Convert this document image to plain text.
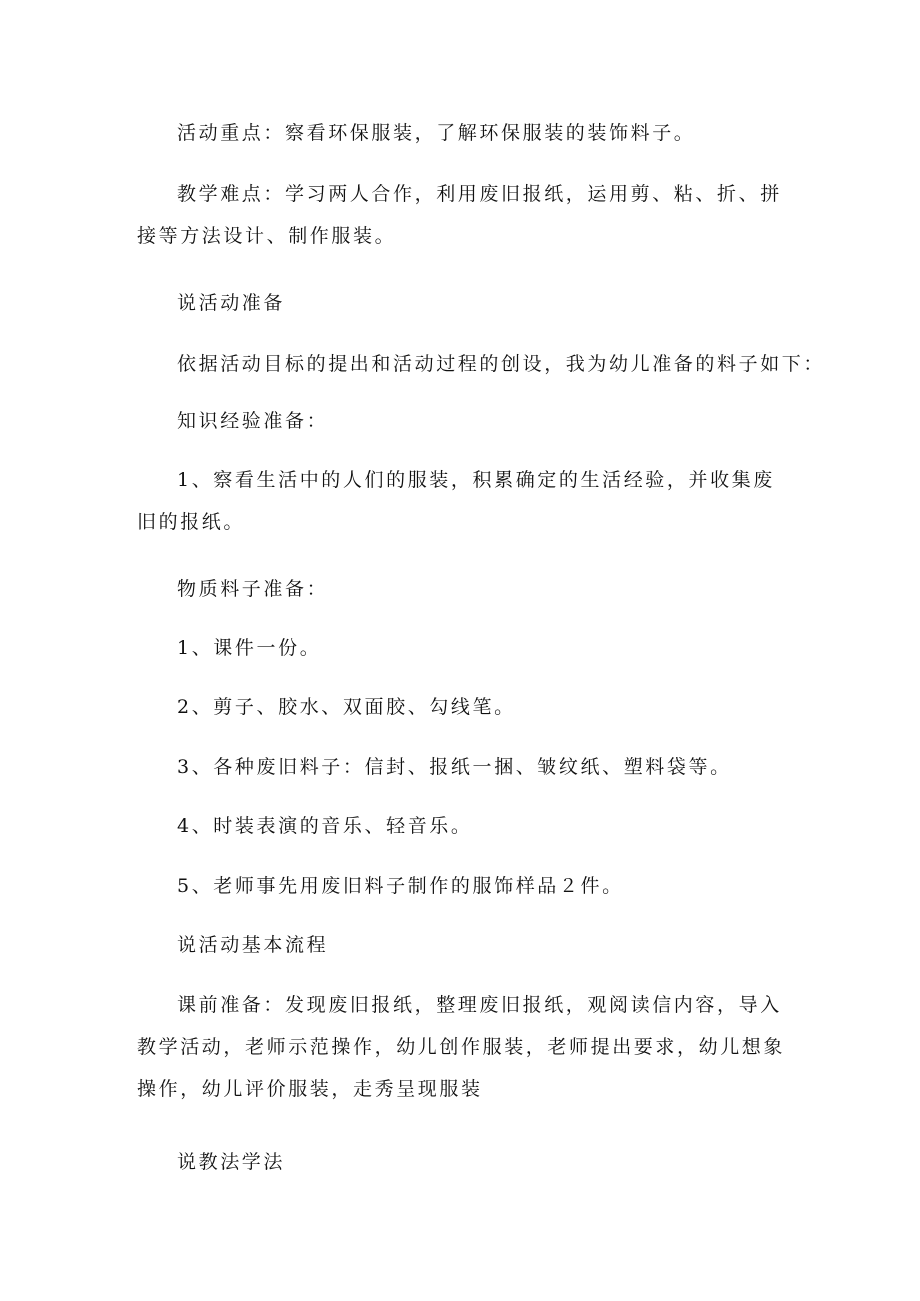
活动重点：察看环保服装，了解环保服装的装饰料子。
教学难点：学习两人合作，利用废旧报纸，运用剪、粘、折、拼接等方法设计、制作服装。
说活动准备
依据活动目标的提出和活动过程的创设，我为幼儿准备的料子如下：
知识经验准备：
1、察看生活中的人们的服装，积累确定的生活经验，并收集废旧的报纸。
物质料子准备：
1、课件一份。
2、剪子、胶水、双面胶、勾线笔。
3、各种废旧料子：信封、报纸一捆、皱纹纸、塑料袋等。
4、时装表演的音乐、轻音乐。
5、老师事先用废旧料子制作的服饰样品２件。
说活动基本流程
课前准备：发现废旧报纸，整理废旧报纸，观阅读信内容，导入教学活动，老师示范操作，幼儿创作服装，老师提出要求，幼儿想象操作，幼儿评价服装，走秀呈现服装
说教法学法
